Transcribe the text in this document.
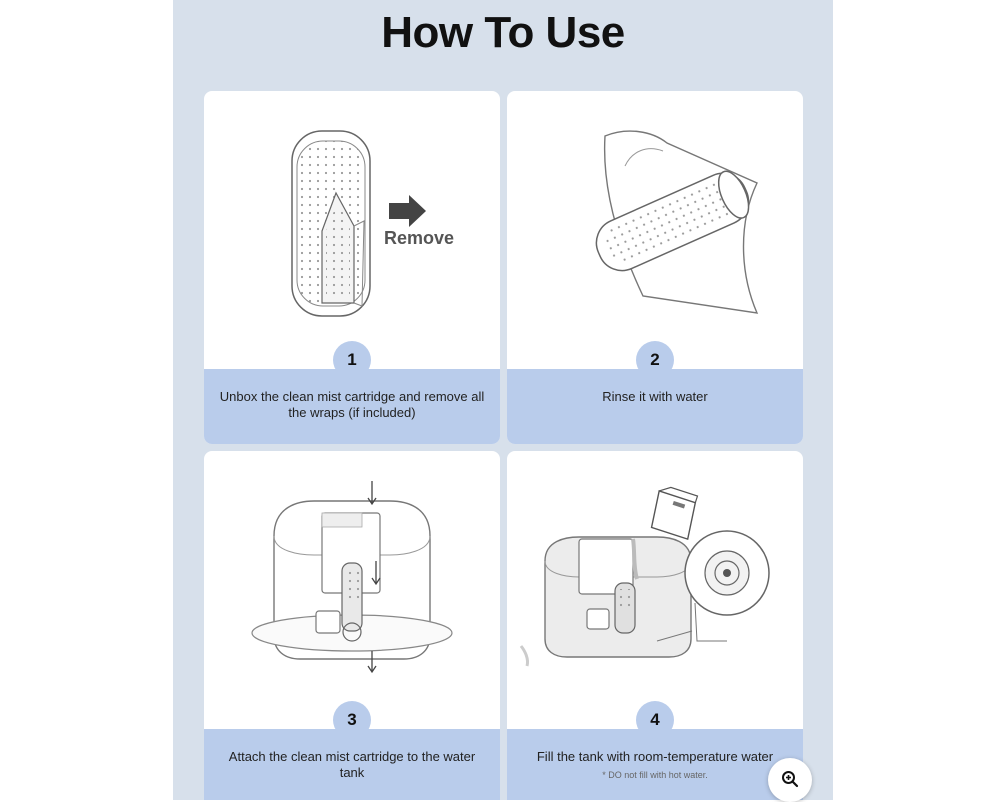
How To Use
Remove
Unbox the clean mist cartridge and remove all the wraps (if included)
1
Rinse it with water
2
Attach the clean mist cartridge to the water tank
3
Fill the tank with room-temperature water
* DO not fill with hot water.
4
